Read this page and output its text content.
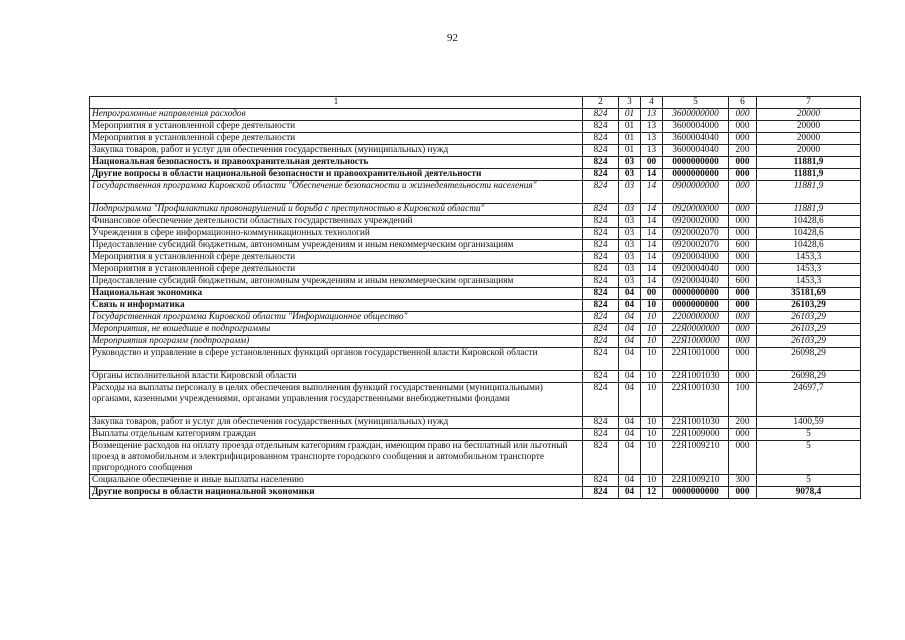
92
1	2	3	4	5	6	7
Непрограммные направления расходов	824	01	13	3600000000	000	20000
Мероприятия в установленной сфере деятельности	824	01	13	3600004000	000	20000
Мероприятия в установленной сфере деятельности	824	01	13	3600004040	000	20000
Закупка товаров, работ и услуг для обеспечения государственных (муниципальных) нужд	824	01	13	3600004040	200	20000
Национальная безопасность и правоохранительная деятельность	824	03	00	0000000000	000	11881,9
Другие вопросы в области национальной безопасности и правоохранительной деятельности	824	03	14	0000000000	000	11881,9
Государственная программа Кировской области "Обеспечение безопасности и жизнедеятельности населения"	824	03	14	0900000000	000	11881,9
Подпрограмма "Профилактика правонарушений и борьба с преступностью в Кировской области"	824	03	14	0920000000	000	11881,9
Финансовое обеспечение деятельности областных государственных учреждений	824	03	14	0920002000	000	10428,6
Учреждения в сфере информационно-коммуникационных технологий	824	03	14	0920002070	000	10428,6
Предоставление субсидий бюджетным, автономным учреждениям и иным некоммерческим организациям	824	03	14	0920002070	600	10428,6
Мероприятия в установленной сфере деятельности	824	03	14	0920004000	000	1453,3
Мероприятия в установленной сфере деятельности	824	03	14	0920004040	000	1453,3
Предоставление субсидий бюджетным, автономным учреждениям и иным некоммерческим организациям	824	03	14	0920004040	600	1453,3
Национальная экономика	824	04	00	0000000000	000	35181,69
Связь и информатика	824	04	10	0000000000	000	26103,29
Государственная программа Кировской области "Информационное общество"	824	04	10	2200000000	000	26103,29
Мероприятия, не вошедшие в подпрограммы	824	04	10	22Я0000000	000	26103,29
Мероприятия программ (подпрограмм)	824	04	10	22Я1000000	000	26103,29
Руководство и управление в сфере установленных функций органов государственной власти Кировской области	824	04	10	22Я1001000	000	26098,29
Органы исполнительной власти Кировской области	824	04	10	22Я1001030	000	26098,29
Расходы на выплаты персоналу в целях обеспечения выполнения функций государственными (муниципальными) органами, казенными учреждениями, органами управления государственными внебюджетными фондами	824	04	10	22Я1001030	100	24697,7
Закупка товаров, работ и услуг для обеспечения государственных (муниципальных) нужд	824	04	10	22Я1001030	200	1400,59
Выплаты отдельным категориям граждан	824	04	10	22Я1009000	000	5
Возмещение расходов на оплату проезда отдельным категориям граждан, имеющим право на бесплатный или льготный проезд в автомобильном и электрифицированном транспорте городского сообщения и автомобильном транспорте пригородного сообщения	824	04	10	22Я1009210	000	5
Социальное обеспечение и иные выплаты населению	824	04	10	22Я1009210	300	5
Другие вопросы в области национальной экономики	824	04	12	0000000000	000	9078,4
